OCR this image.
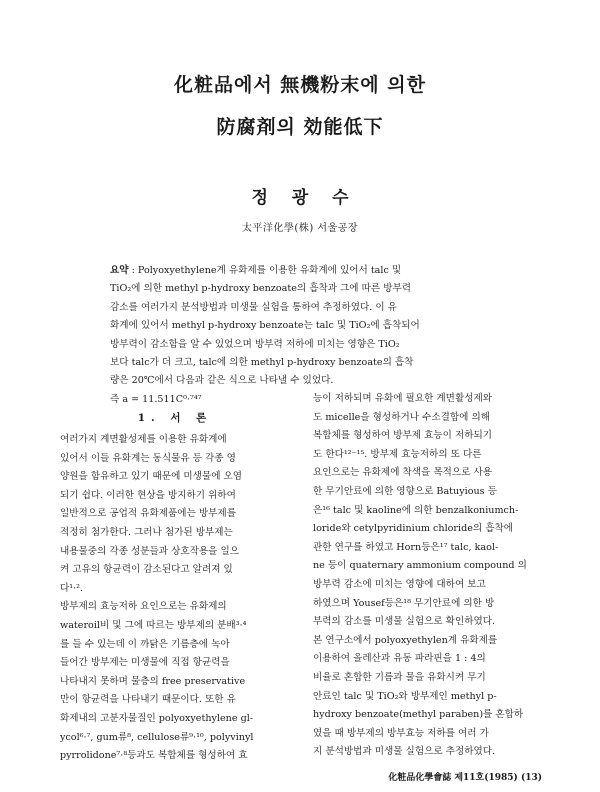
化粧品에서 無機粉末에 의한
防腐剤의 効能低下
정 광 수
太平洋化學(株) 서울공장
요약 : Polyoxyethylene계 유화제를 이용한 유화계에 있어서 talc 및
TiO₂에 의한 methyl p-hydroxy benzoate의 흡착과 그에 따른 방부력
감소를 여러가지 분석방법과 미생물 실험을 통하여 추정하였다. 이 유
화계에 있어서 methyl p-hydroxy benzoate는 talc 및 TiO₂에 흡착되어
방부력이 감소함을 알 수 있었으며 방부력 저하에 미치는 영향은 TiO₂
보다 talc가 더 크고, talc에 의한 methyl p-hydroxy benzoate의 흡착
량은 20℃에서 다음과 같은 식으로 나타낼 수 있었다.
즉 a = 11.511C⁰·⁷⁴⁷
1. 서 론
여러가지 계면활성제를 이용한 유화계에
있어서 이들 유화계는 동식물유 등 각종 영
양원을 함유하고 있기 때문에 미생물에 오염
되기 쉽다. 이러한 현상을 방지하기 위하여
일반적으로 공업적 유화제품에는 방부제를
적정히 첨가한다. 그러나 첨가된 방부제는
내용물중의 각종 성분들과 상호작용을 일으
켜 고유의 항균력이 감소된다고 알려져 있
다¹·².
방부제의 효능저하 요인으로는 유화제의
wateroil비 및 그에 따르는 방부제의 분배³·⁴
를 들 수 있는데 이 까닭은 기름층에 녹아
들어간 방부제는 미생물에 직접 항균력을
나타내지 못하며 물층의 free preservative
만이 항균력을 나타내기 때문이다. 또한 유
화제내의 고분자물질인 polyoxyethylene gl-
ycol⁶·⁷, gum류⁸, cellulose류⁹·¹⁰, polyvinyl
pyrrolidone⁷·⁸등과도 복합체를 형성하여 효
능이 저하되며 유화에 필요한 계면활성제와
도 micelle을 형성하거나 수소결합에 의해
복합체를 형성하여 방부제 효능이 저하되기
도 한다¹²⁻¹⁵. 방부제 효능저하의 또 다른
요인으로는 유화제에 착색을 목적으로 사용
한 무기안료에 의한 영향으로 Batuyious 등
은¹⁶ talc 및 kaoline에 의한 benzalkoniumch-
loride와 cetylpyridinium chloride의 흡착에
관한 연구를 하였고 Horn등은¹⁷ talc, kaol-
ne 등이 quaternary ammonium compound 의
방부력 감소에 미치는 영향에 대하여 보고
하였으며 Yousef등은¹⁸ 무기안료에 의한 방
부력의 감소를 미생물 실험으로 확인하였다.
본 연구소에서 polyoxyethylen계 유화제를
이용하여 올레산과 유동 파라핀을 1 : 4의
비율로 혼합한 기름과 물을 유화시켜 무기
안료인 talc 및 TiO₂와 방부제인 methyl p-
hydroxy benzoate(methyl paraben)를 혼합하
였을 때 방부제의 방부효능 저하를 여러 가
지 분석방법과 미생물 실험으로 추정하였다.
化粧品化學會誌 제11호(1985) (13)
